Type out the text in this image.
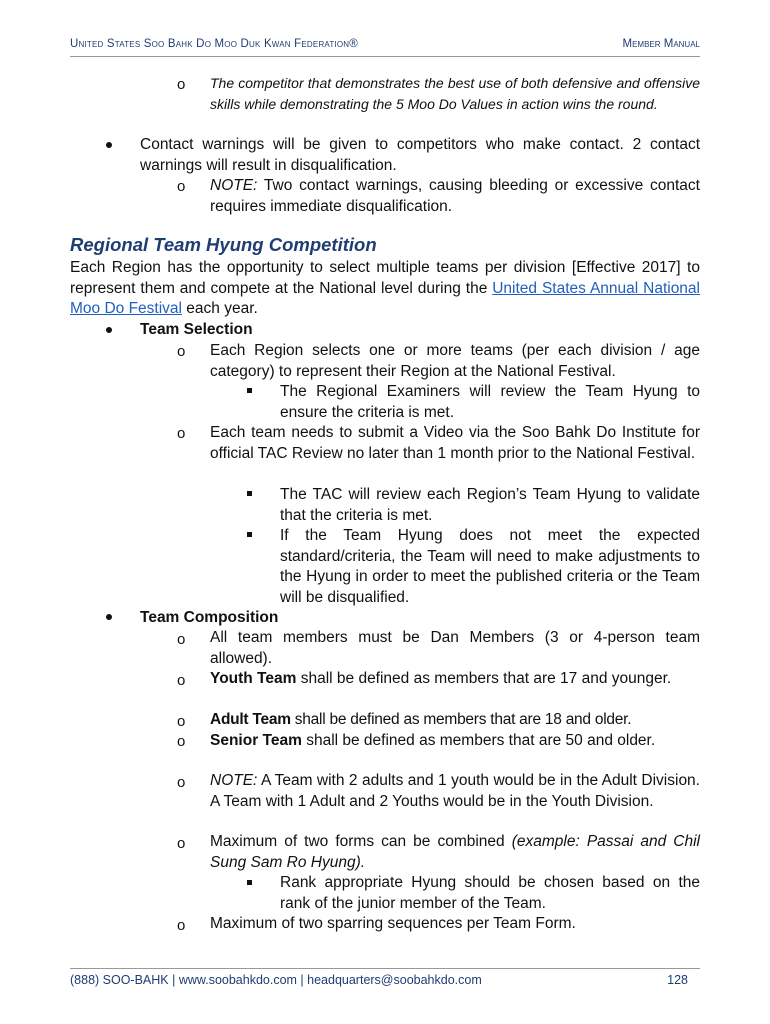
United States Soo Bahk Do Moo Duk Kwan Federation®	Member Manual
o The competitor that demonstrates the best use of both defensive and offensive skills while demonstrating the 5 Moo Do Values in action wins the round.
Contact warnings will be given to competitors who make contact. 2 contact warnings will result in disqualification.
o NOTE: Two contact warnings, causing bleeding or excessive contact requires immediate disqualification.
Regional Team Hyung Competition
Each Region has the opportunity to select multiple teams per division [Effective 2017] to represent them and compete at the National level during the United States Annual National Moo Do Festival each year.
Team Selection
o Each Region selects one or more teams (per each division / age category) to represent their Region at the National Festival.
The Regional Examiners will review the Team Hyung to ensure the criteria is met.
o Each team needs to submit a Video via the Soo Bahk Do Institute for official TAC Review no later than 1 month prior to the National Festival.
The TAC will review each Region’s Team Hyung to validate that the criteria is met.
If the Team Hyung does not meet the expected standard/criteria, the Team will need to make adjustments to the Hyung in order to meet the published criteria or the Team will be disqualified.
Team Composition
o All team members must be Dan Members (3 or 4-person team allowed).
o Youth Team shall be defined as members that are 17 and younger.
o Adult Team shall be defined as members that are 18 and older.
o Senior Team shall be defined as members that are 50 and older.
o NOTE: A Team with 2 adults and 1 youth would be in the Adult Division. A Team with 1 Adult and 2 Youths would be in the Youth Division.
o Maximum of two forms can be combined (example: Passai and Chil Sung Sam Ro Hyung).
Rank appropriate Hyung should be chosen based on the rank of the junior member of the Team.
o Maximum of two sparring sequences per Team Form.
(888) SOO-BAHK | www.soobahkdo.com | headquarters@soobahkdo.com	128
